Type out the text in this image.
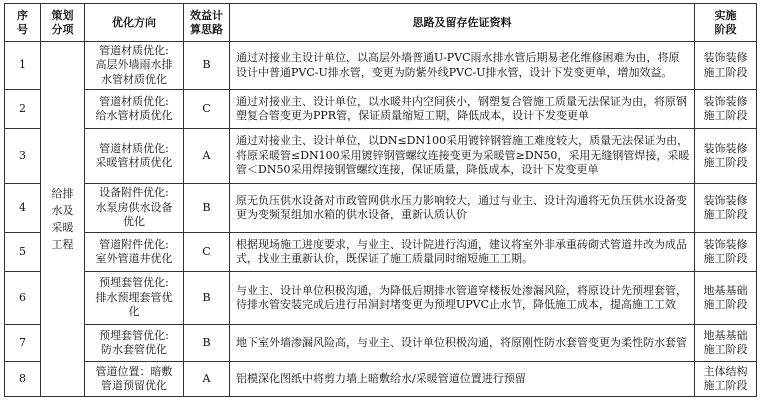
序
号	策划
分项	优化方向	效益计
算思路	思路及留存佐证资料	实施
阶段
1	给排
水及
采暖
工程	管道材质优化:
高层外墙雨水排
水管材质优化	B	通过对接业主设计单位，以高层外墙普通U-PVC雨水排水管后期易老化维修困难为由，将原设计中普通PVC-U排水管，变更为防紫外线PVC-U排水管，设计下发变更单，增加效益。	装饰装修
施工阶段
2		管道材质优化:
给水管材质优化	C	通过对接业主、设计单位，以水暖井内空间狭小，钢塑复合管施工质量无法保证为由，将原钢塑复合管变更为PPR管，保证质量缩短工期，降低成本，设计下发变更单	装饰装修
施工阶段
3		管道材质优化:
采暖管材质优化	A	通过对接业主、设计单位，以DN≤DN100采用镀锌钢管施工难度较大，质量无法保证为由，将原采暖管≤DN100采用镀锌钢管螺纹连接变更为采暖管≥DN50，采用无缝钢管焊接，采暖管＜DN50采用焊接钢管螺纹连接，保证质量，降低成本，设计下发变更单	装饰装修
施工阶段
4		设备附件优化:
水泵房供水设备
优化	B	原无负压供水设备对市政管网供水压力影响较大，通过与业主、设计沟通将无负压供水设备变更为变频泵组加水箱的供水设备，重新认质认价	装饰装修
施工阶段
5		管道附件优化:
室外管道井优化	C	根据现场施工进度要求，与业主、设计院进行沟通，建议将室外非承重砖砌式管道井改为成品式，找业主重新认价，既保证了施工质量同时缩短施工工期。	装饰装修
施工阶段
6		预埋套管优化:
排水预埋套管优
化	B	与业主、设计单位积极沟通，为降低后期排水管道穿楼板处渗漏风险，将原设计先预埋套管，待排水管安装完成后进行吊洞封堵变更为预埋UPVC止水节，降低施工成本，提高施工工效	地基基础
施工阶段
7		预埋套管优化:
防水套管优化	B	地下室外墙渗漏风险高，与业主、设计单位积极沟通，将原刚性防水套管变更为柔性防水套管	地基基础
施工阶段
8		管道位置：暗敷
管道预留优化	A	铝模深化图纸中将剪力墙上暗敷给水/采暖管道位置进行预留	主体结构
施工阶段
